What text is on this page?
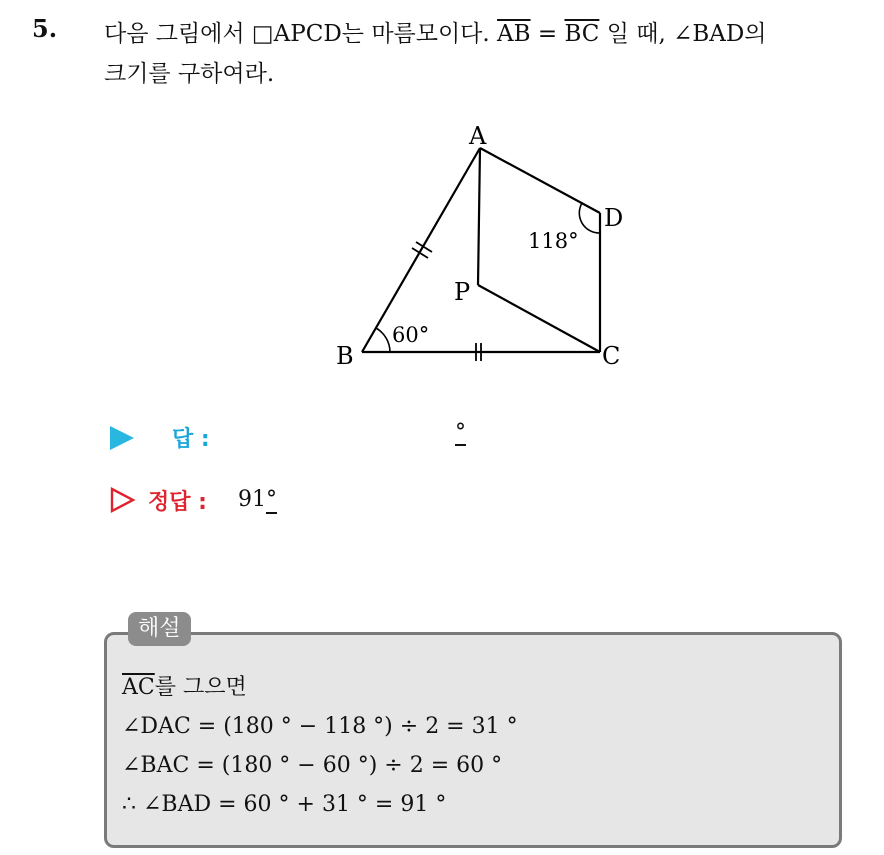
5. 다음 그림에서 □APCD는 마름모이다. $\overline{AB} = \overline{BC}$ 일 때, ∠BAD의
크기를 구하여라.
A
B	C
D
P
60°
118°
답 :	°
정답 : 91°
해설
$\overline{AC}$를 그으면
∠DAC = (180 ° − 118 °) ÷ 2 = 31 °
∠BAC = (180 ° − 60 °) ÷ 2 = 60 °
∴ ∠BAD = 60 ° + 31 ° = 91 °
